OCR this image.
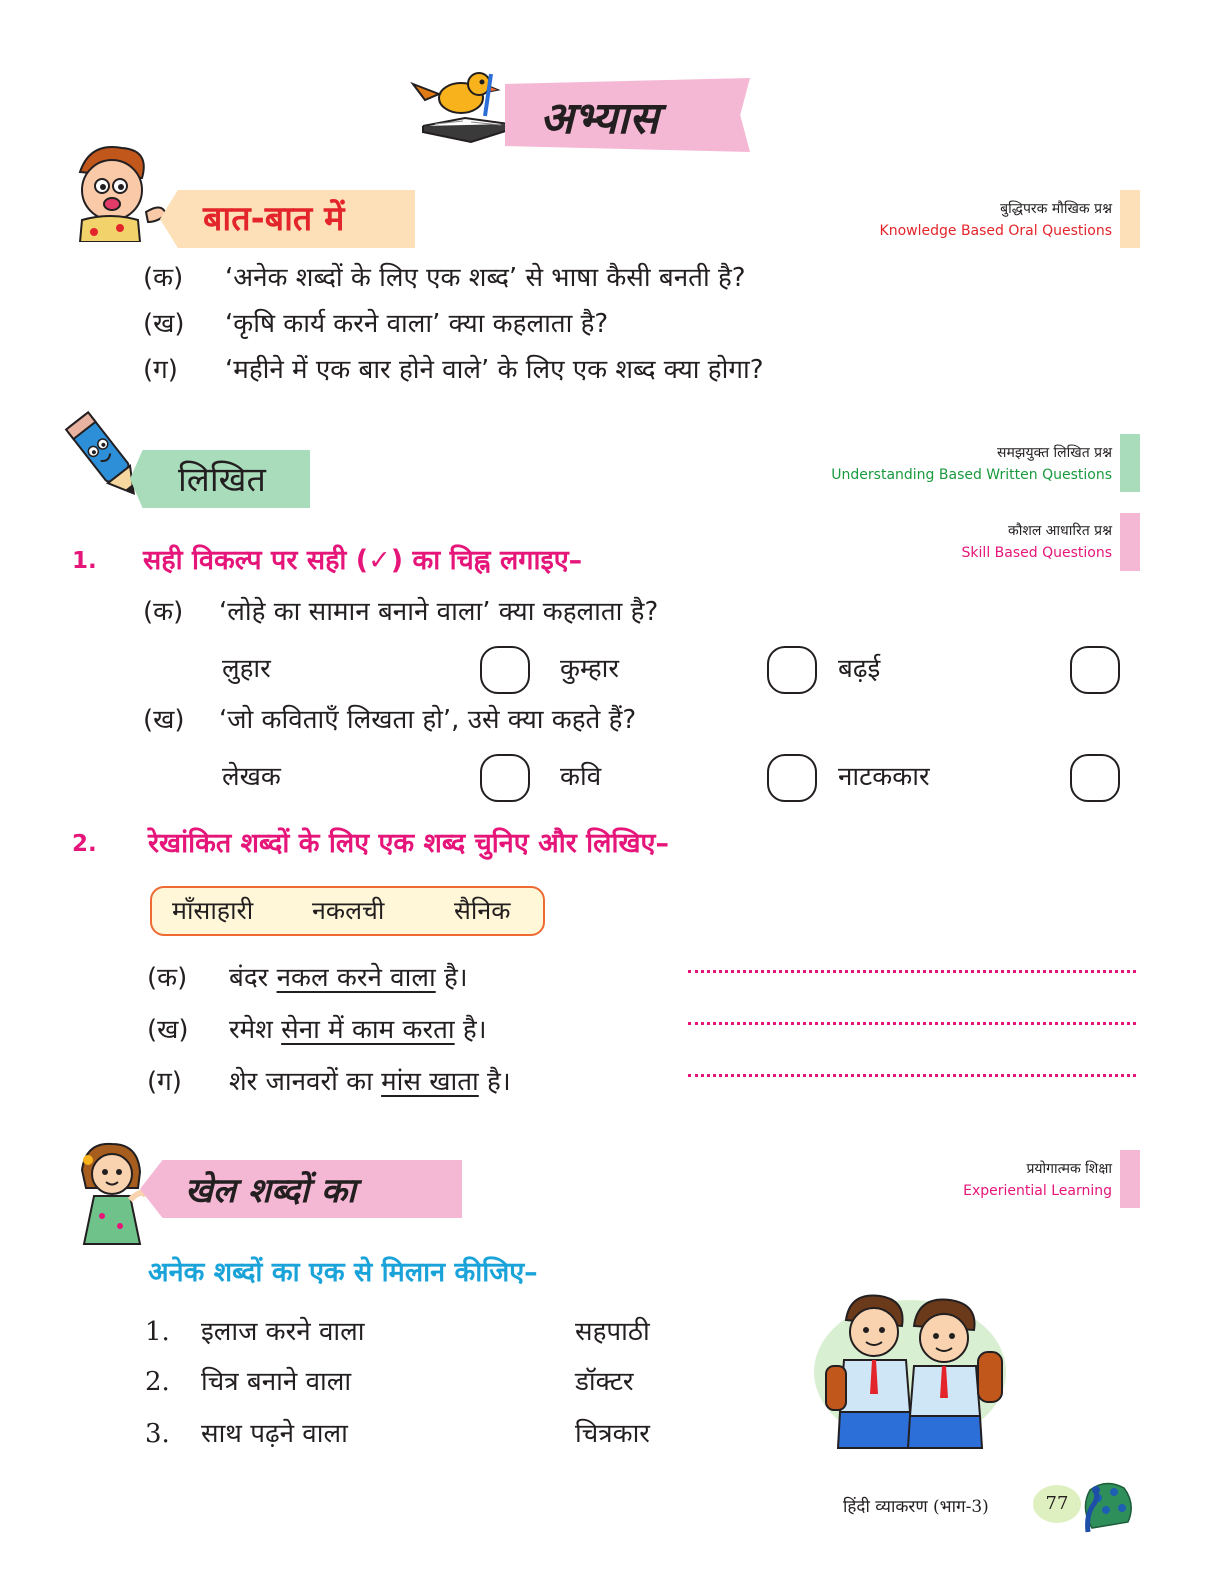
अभ्यास
बात-बात में	बुद्धिपरक मौखिक प्रश्न
Knowledge Based Oral Questions
(क) ‘अनेक शब्दों के लिए एक शब्द’ से भाषा कैसी बनती है?
(ख) ‘कृषि कार्य करने वाला’ क्या कहलाता है?
(ग) ‘महीने में एक बार होने वाले’ के लिए एक शब्द क्या होगा?
लिखित
समझयुक्त लिखित प्रश्न
Understanding Based Written Questions
कौशल आधारित प्रश्न
Skill Based Questions
1. सही विकल्प पर सही (✓) का चिह्न लगाइए–
(क) ‘लोहे का सामान बनाने वाला’ क्या कहलाता है?
लुहार	कुम्हार	बढ़ई
(ख) ‘जो कविताएँ लिखता हो’, उसे क्या कहते हैं?
लेखक	कवि	नाटककार
2. रेखांकित शब्दों के लिए एक शब्द चुनिए और लिखिए–
माँसाहारी नकलची	सैनिक
(क) बंदर नकल करने वाला है।
(ख) रमेश सेना में काम करता है।
(ग) शेर जानवरों का मांस खाता है।
खेल शब्दों का
प्रयोगात्मक शिक्षा
Experiential Learning
अनेक शब्दों का एक से मिलान कीजिए–
1. इलाज करने वाला	सहपाठी
2. चित्र बनाने वाला	डॉक्टर
3. साथ पढ़ने वाला	चित्रकार
हिंदी व्याकरण (भाग-3)	77
